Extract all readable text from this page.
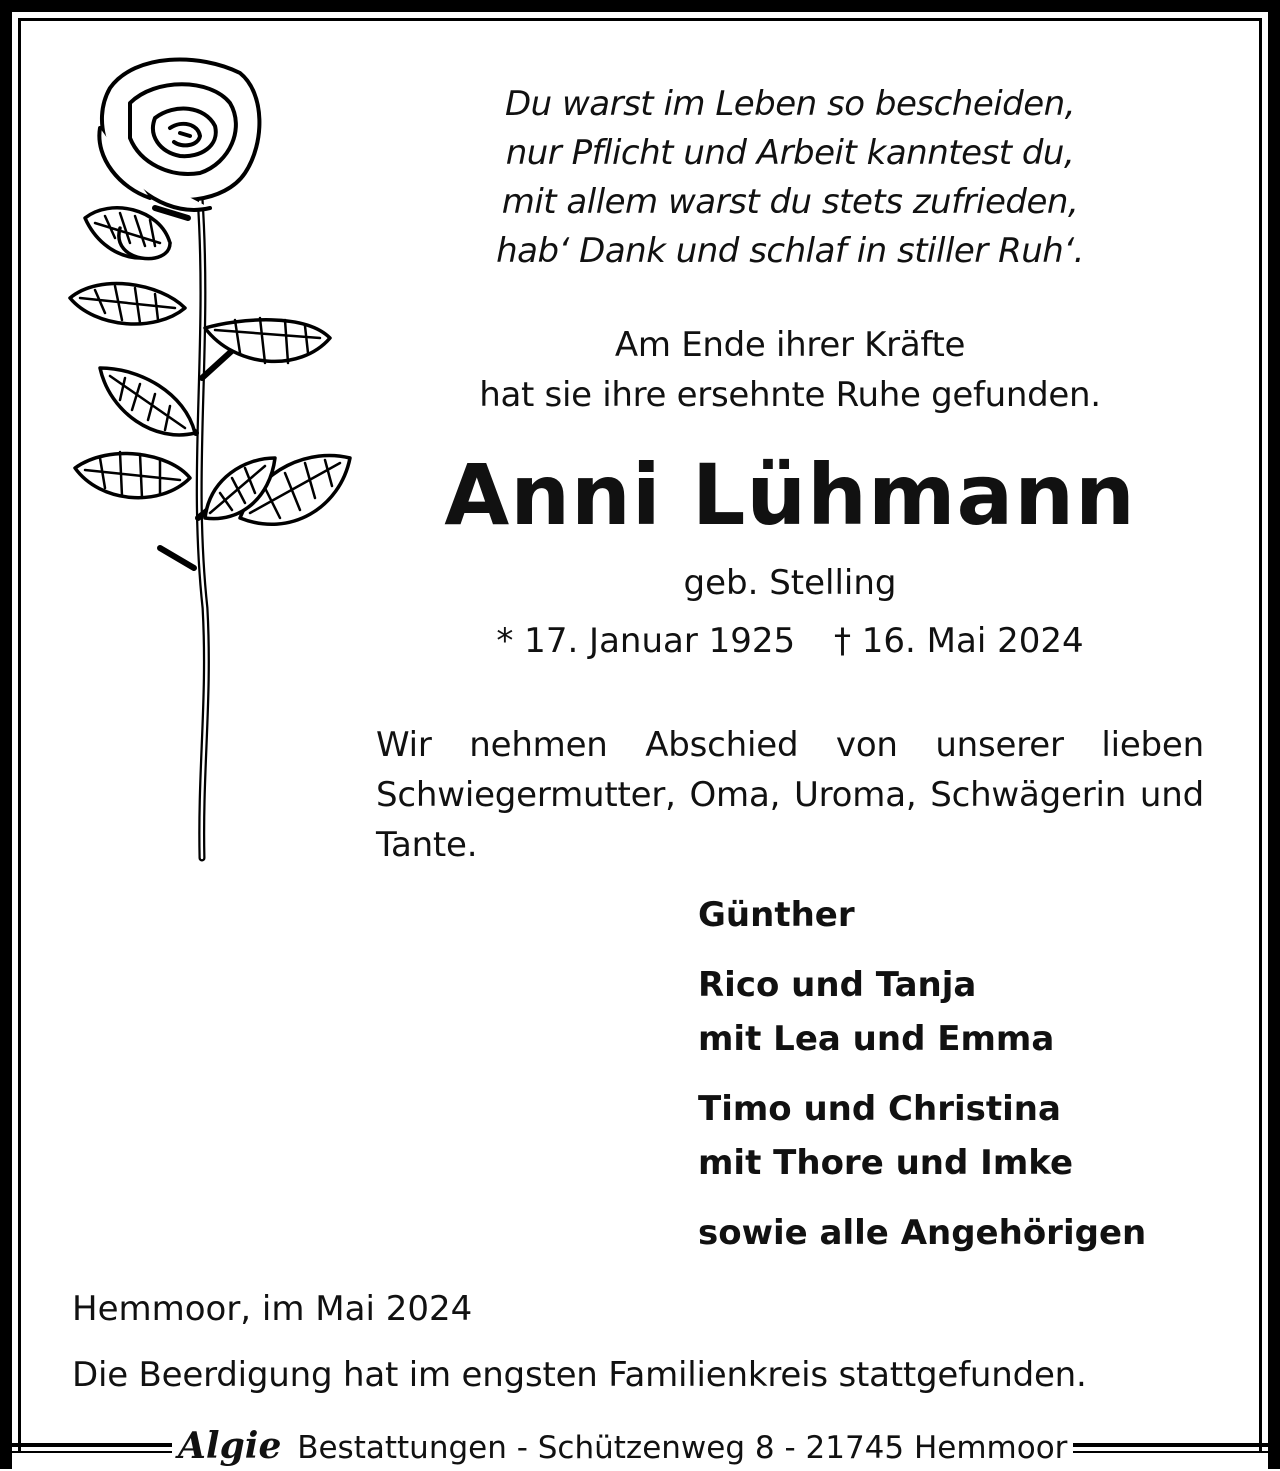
Du warst im Leben so bescheiden,
nur Pflicht und Arbeit kanntest du,
mit allem warst du stets zufrieden,
hab‘ Dank und schlaf in stiller Ruh‘.
Am Ende ihrer Kräfte
hat sie ihre ersehnte Ruhe gefunden.
Anni Lühmann
geb. Stelling
* 17. Januar 1925 † 16. Mai 2024
Wir nehmen Abschied von unserer lieben Schwiegermutter, Oma, Uroma, Schwägerin und Tante.
Günther
Rico und Tanja
mit Lea und Emma
Timo und Christina
mit Thore und Imke
sowie alle Angehörigen
Hemmoor, im Mai 2024
Die Beerdigung hat im engsten Familienkreis stattgefunden.
Algie Bestattungen - Schützenweg 8 - 21745 Hemmoor
